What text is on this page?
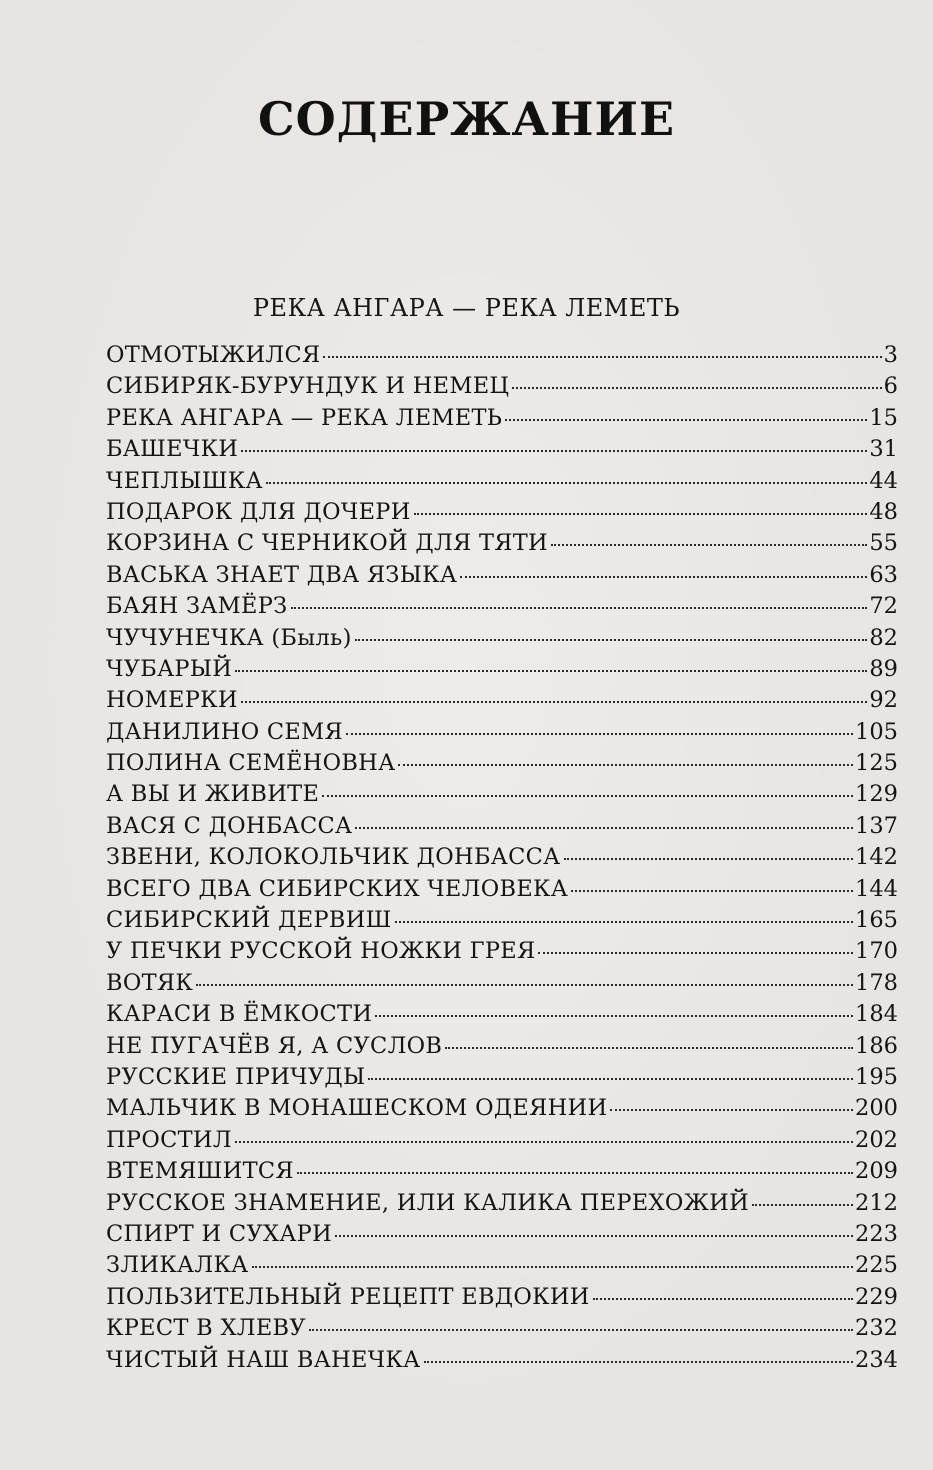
СОДЕРЖАНИЕ
РЕКА АНГАРА — РЕКА ЛЕМЕТЬ
ОТМОТЫЖИЛСЯ	3
СИБИРЯК-БУРУНДУК И НЕМЕЦ	6
РЕКА АНГАРА — РЕКА ЛЕМЕТЬ	15
БАШЕЧКИ	31
ЧЕПЛЫШКА	44
ПОДАРОК ДЛЯ ДОЧЕРИ	48
КОРЗИНА С ЧЕРНИКОЙ ДЛЯ ТЯТИ	55
ВАСЬКА ЗНАЕТ ДВА ЯЗЫКА	63
БАЯН ЗАМЁРЗ	72
ЧУЧУНЕЧКА (Быль)	82
ЧУБАРЫЙ	89
НОМЕРКИ	92
ДАНИЛИНО СЕМЯ	105
ПОЛИНА СЕМЁНОВНА	125
А ВЫ И ЖИВИТЕ	129
ВАСЯ С ДОНБАССА	137
ЗВЕНИ, КОЛОКОЛЬЧИК ДОНБАССА	142
ВСЕГО ДВА СИБИРСКИХ ЧЕЛОВЕКА	144
СИБИРСКИЙ ДЕРВИШ	165
У ПЕЧКИ РУССКОЙ НОЖКИ ГРЕЯ	170
ВОТЯК	178
КАРАСИ В ЁМКОСТИ	184
НЕ ПУГАЧЁВ Я, А СУСЛОВ	186
РУССКИЕ ПРИЧУДЫ	195
МАЛЬЧИК В МОНАШЕСКОМ ОДЕЯНИИ	200
ПРОСТИЛ	202
ВТЕМЯШИТСЯ	209
РУССКОЕ ЗНАМЕНИЕ, ИЛИ КАЛИКА ПЕРЕХОЖИЙ	212
СПИРТ И СУХАРИ	223
ЗЛИКАЛКА	225
ПОЛЬЗИТЕЛЬНЫЙ РЕЦЕПТ ЕВДОКИИ	229
КРЕСТ В ХЛЕВУ	232
ЧИСТЫЙ НАШ ВАНЕЧКА	234
